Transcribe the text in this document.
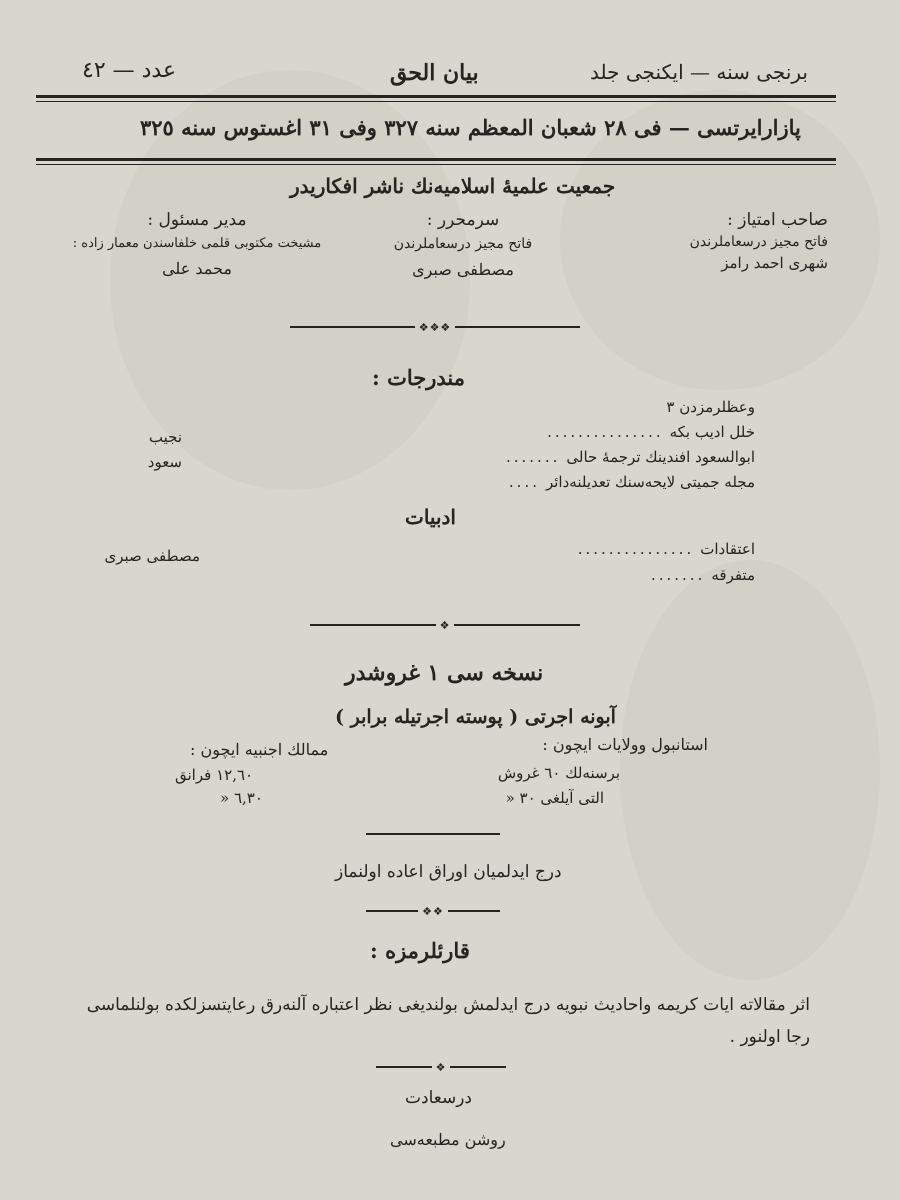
برنجی سنه — ایکنجی جلد

بيان الحق

عدد — ٤٢

پازارایرتسی — فی ٢٨ شعبان المعظم سنه ٣٢٧ وفی ٣١ اغستوس سنه ٣٢٥

جمعیت علمیهٔ اسلامیه‌نك ناشر افکاریدر

صاحب امتیاز :

فاتح مجیز درسعاملرندن

شهری احمد رامز

سرمحرر :

فاتح مجیز درسعاملرندن

مصطفی صبری

مدیر مسئول :

مشیخت مکتوبی قلمی خلفاسندن معمار زاده :

محمد علی

❖❖❖

مندرجات :

وعظلرمزدن ٣

خلل ادیب بکه
...............

نجیب

ابوالسعود افندینك ترجمهٔ حالی
.......

سعود

مجله جمیتی لایحه‌سنك تعدیلنه‌دائر
....

ادبیات

اعتقادات
...............

مصطفی صبری

متفرقه
.......
❖

نسخه سی ١ غروشدر

آبونه اجرتی ( پوسته اجرتیله برابر )

استانبول وولایات ایچون :

برسنه‌لك ٦٠ غروش

التی آیلغی ٣٠ «

ممالك اجنبیه ایچون :

١٢,٦٠ فرانق

٦,٣٠ «

درج ایدلمیان اوراق اعاده اولنماز

❖❖

قارئلرمزه :

اثر مقالاته ایات کریمه واحادیث نبویه درج ایدلمش بولندیغی نظر اعتباره آلنه‌رق رعایتسزلکده بولنلماسی

رجا اولنور .

❖

درسعادت

روشن مطبعه‌سی
